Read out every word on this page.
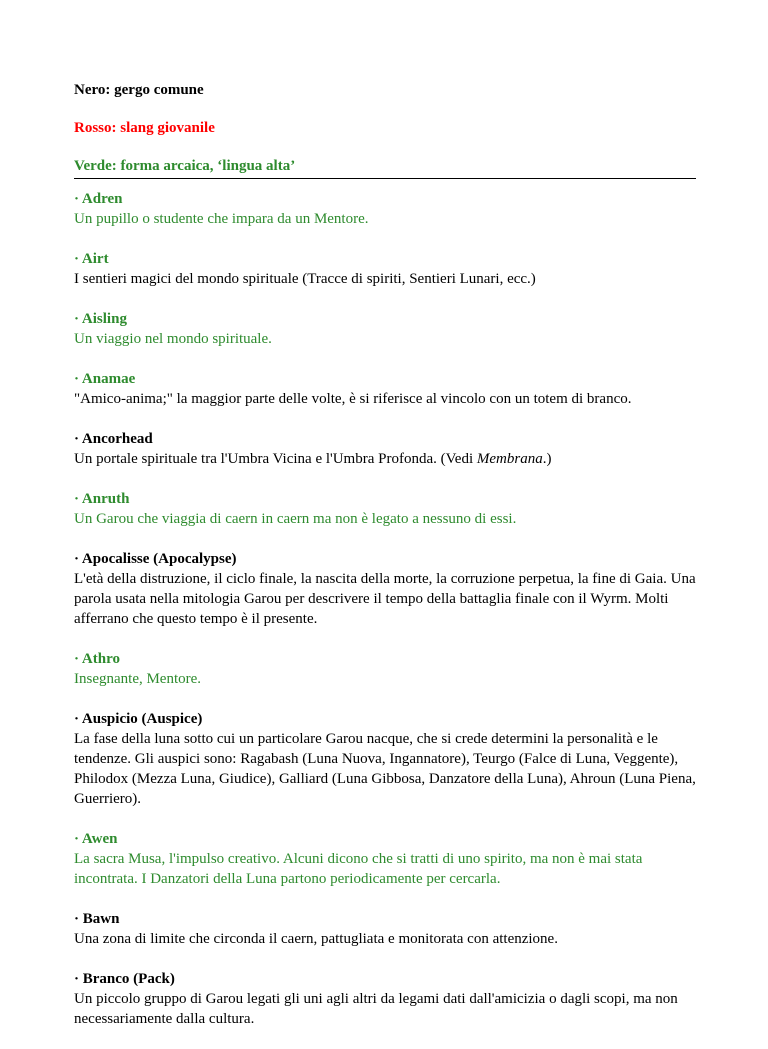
Nero: gergo comune

Rosso: slang giovanile

Verde: forma arcaica, ‘lingua alta’

· Adren
Un pupillo o studente che impara da un Mentore.
· Airt
I sentieri magici del mondo spirituale (Tracce di spiriti, Sentieri Lunari, ecc.)
· Aisling
Un viaggio nel mondo spirituale.
· Anamae
"Amico-anima;" la maggior parte delle volte, è si riferisce al vincolo con un totem di branco.
· Ancorhead
Un portale spirituale tra l'Umbra Vicina e l'Umbra Profonda. (Vedi Membrana.)
· Anruth
Un Garou che viaggia di caern in caern ma non è legato a nessuno di essi.
· Apocalisse (Apocalypse)
L'età della distruzione, il ciclo finale, la nascita della morte, la corruzione perpetua, la fine di Gaia. Una parola usata nella mitologia Garou per descrivere il tempo della battaglia finale con il Wyrm. Molti afferrano che questo tempo è il presente.
· Athro
Insegnante, Mentore.
· Auspicio (Auspice)
La fase della luna sotto cui un particolare Garou nacque, che si crede determini la personalità e le tendenze. Gli auspici sono: Ragabash (Luna Nuova, Ingannatore), Teurgo (Falce di Luna, Veggente), Philodox (Mezza Luna, Giudice), Galliard (Luna Gibbosa, Danzatore della Luna), Ahroun (Luna Piena, Guerriero).
· Awen
La sacra Musa, l'impulso creativo. Alcuni dicono che si tratti di uno spirito, ma non è mai stata incontrata. I Danzatori della Luna partono periodicamente per cercarla.
· Bawn
Una zona di limite che circonda il caern, pattugliata e monitorata con attenzione.
· Branco (Pack)
Un piccolo gruppo di Garou legati gli uni agli altri da legami dati dall'amicizia o dagli scopi, ma non necessariamente dalla cultura.
